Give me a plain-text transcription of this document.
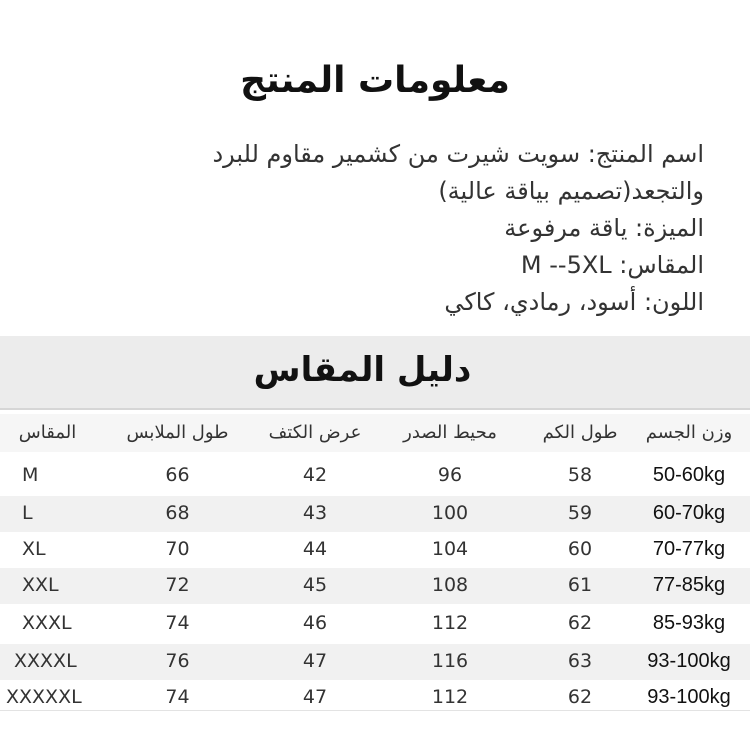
معلومات المنتج
اسم المنتج: سويت شيرت من كشمير مقاوم للبرد
والتجعد(تصميم بياقة عالية)
الميزة: ياقة مرفوعة
المقاس: M --5XL
اللون: أسود، رمادي، كاكي
دليل المقاس
المقاس	طول الملابس	عرض الكتف	محيط الصدر	طول الكم	وزن الجسم
M	66	42	96	58	50-60kg
L	68	43	100	59	60-70kg
XL	70	44	104	60	70-77kg
XXL	72	45	108	61	77-85kg
XXXL	74	46	112	62	85-93kg
XXXXL	76	47	116	63	93-100kg
XXXXXL	74	47	112	62	93-100kg
